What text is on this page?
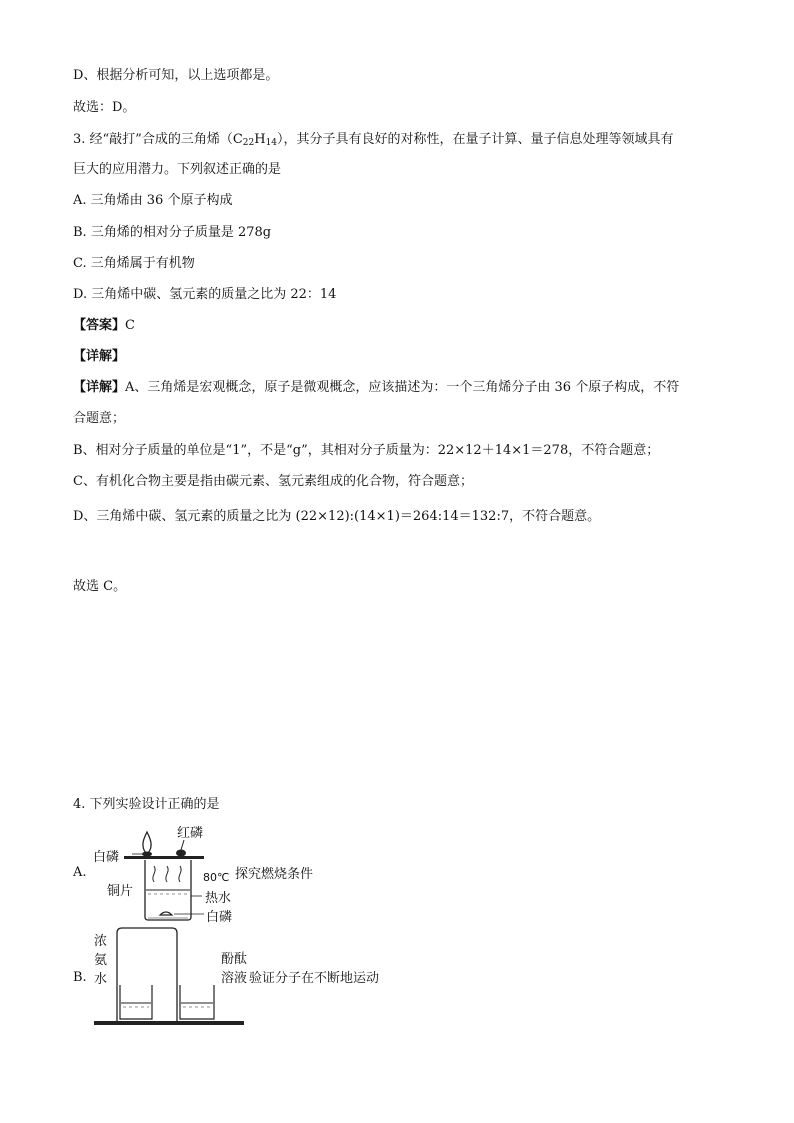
D、根据分析可知，以上选项都是。
故选：D。
3. 经“敲打”合成的三角烯$(C_{22}H_{14})$，其分子具有良好的对称性，在量子计算、量子信息处理等领域具有
巨大的应用潜力。下列叙述正确的是
A. 三角烯由 36 个原子构成
B. 三角烯的相对分子质量是 278g
C. 三角烯属于有机物
D. 三角烯中碳、氢元素的质量之比为 22：14
【答案】C
【详解】
【详解】A、三角烯是宏观概念，原子是微观概念，应该描述为：一个三角烯分子由 36 个原子构成，不符
合题意；
B、相对分子质量的单位是“1”，不是“g”，其相对分子质量为：22×12＋14×1＝278，不符合题意；
C、有机化合物主要是指由碳元素、氢元素组成的化合物，符合题意；
D、三角烯中碳、氢元素的质量之比为 (22×12):(14×1)＝264:14＝132:7，不符合题意。
故选 C。
4. 下列实验设计正确的是
A.
红磷
白磷
铜片
80℃
热水
白磷
探究燃烧条件
B.
浓
氨
水
酚酞
溶液 验证分子在不断地运动
